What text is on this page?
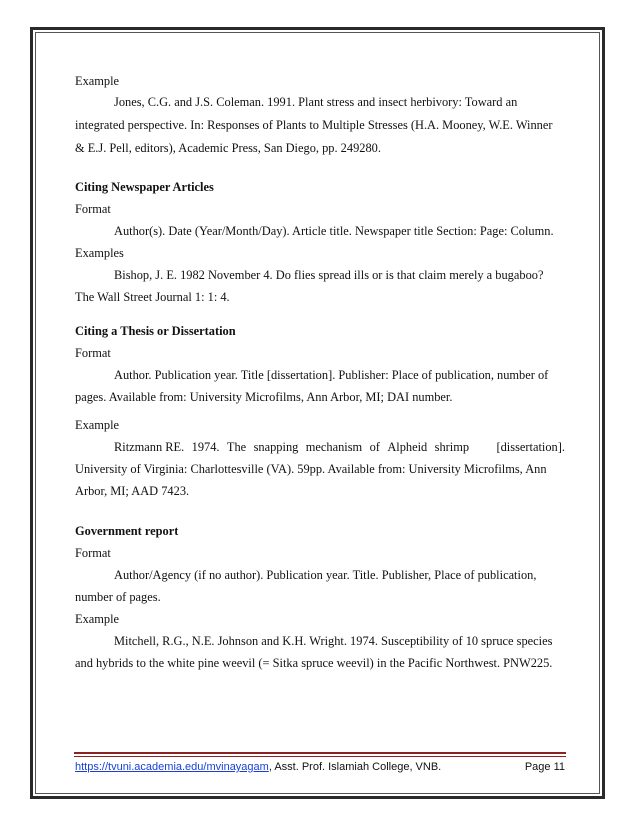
Example
Jones, C.G. and J.S. Coleman. 1991. Plant stress and insect herbivory: Toward an
integrated perspective. In: Responses of Plants to Multiple Stresses (H.A. Mooney, W.E. Winner
& E.J. Pell, editors), Academic Press, San Diego, pp. 249280.
Citing Newspaper Articles
Format
Author(s). Date (Year/Month/Day). Article title. Newspaper title Section: Page: Column.
Examples
Bishop, J. E. 1982 November 4. Do flies spread ills or is that claim merely a bugaboo?
The Wall Street Journal 1: 1: 4.
Citing a Thesis or Dissertation
Format
Author. Publication year. Title [dissertation]. Publisher: Place of publication, number of
pages. Available from: University Microfilms, Ann Arbor, MI; DAI number.
Example
Ritzmann RE. 1974. The snapping mechanism of Alpheid shrimp [dissertation].
University of Virginia: Charlottesville (VA). 59pp. Available from: University Microfilms, Ann
Arbor, MI; AAD 7423.
Government report
Format
Author/Agency (if no author). Publication year. Title. Publisher, Place of publication,
number of pages.
Example
Mitchell, R.G., N.E. Johnson and K.H. Wright. 1974. Susceptibility of 10 spruce species
and hybrids to the white pine weevil (= Sitka spruce weevil) in the Pacific Northwest. PNW225.
https://tvuni.academia.edu/mvinayagam, Asst. Prof. Islamiah College, VNB.	Page 11
